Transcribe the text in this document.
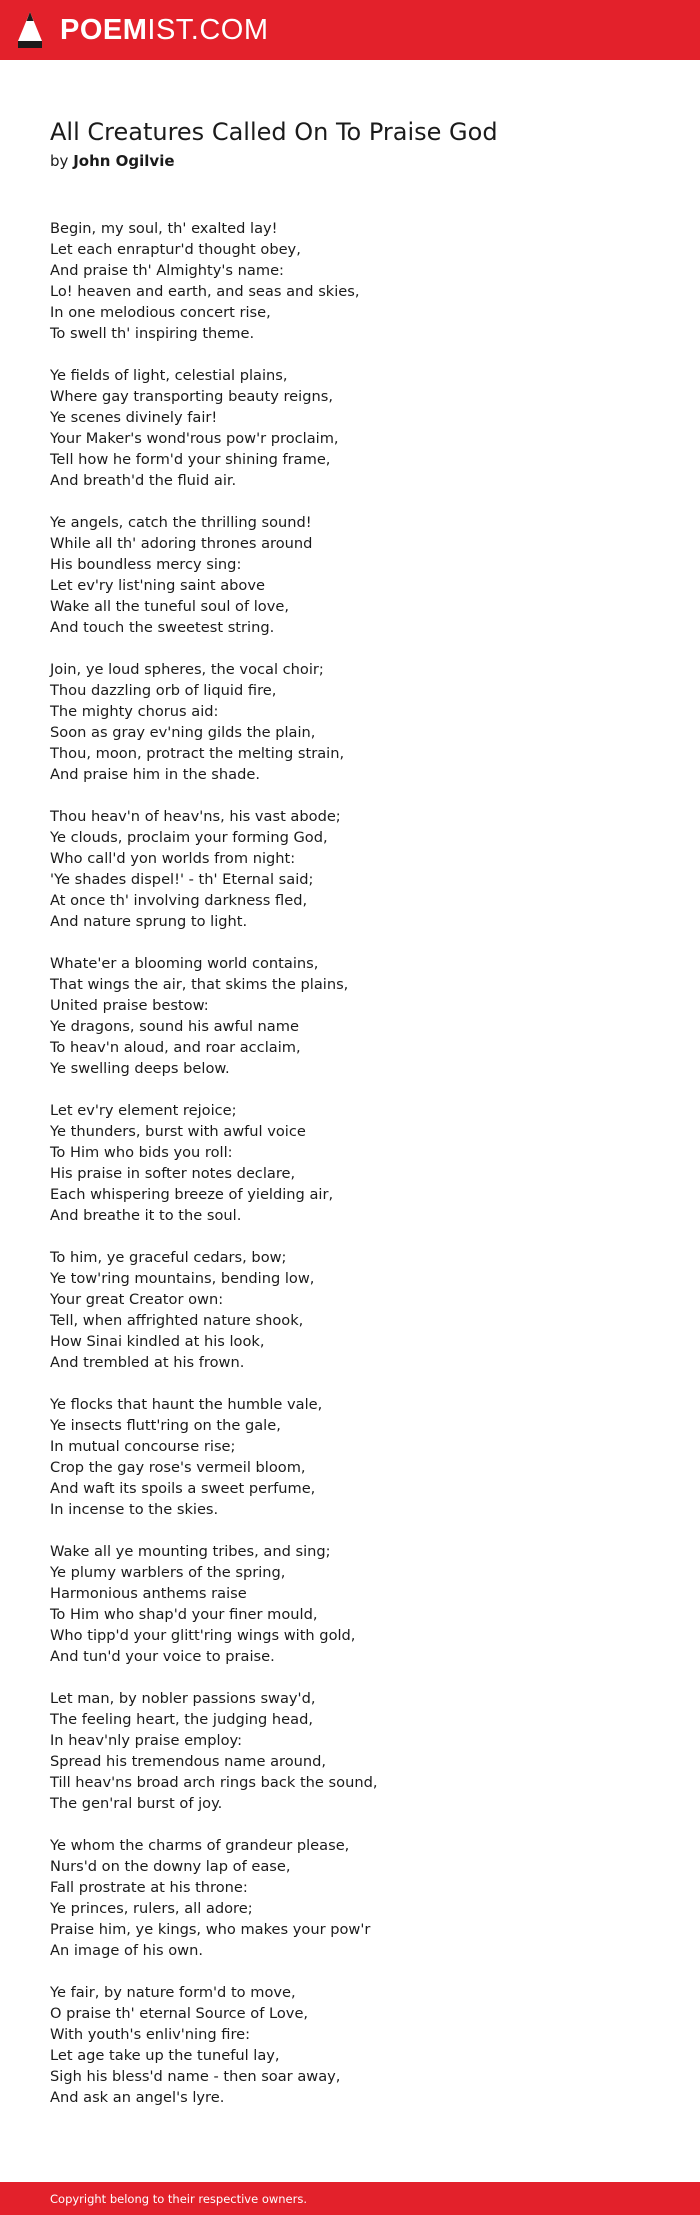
POEMIST.COM
All Creatures Called On To Praise God
by John Ogilvie
Begin, my soul, th' exalted lay!
Let each enraptur'd thought obey,
And praise th' Almighty's name:
Lo! heaven and earth, and seas and skies,
In one melodious concert rise,
To swell th' inspiring theme.
Ye fields of light, celestial plains,
Where gay transporting beauty reigns,
Ye scenes divinely fair!
Your Maker's wond'rous pow'r proclaim,
Tell how he form'd your shining frame,
And breath'd the fluid air.
Ye angels, catch the thrilling sound!
While all th' adoring thrones around
His boundless mercy sing:
Let ev'ry list'ning saint above
Wake all the tuneful soul of love,
And touch the sweetest string.
Join, ye loud spheres, the vocal choir;
Thou dazzling orb of liquid fire,
The mighty chorus aid:
Soon as gray ev'ning gilds the plain,
Thou, moon, protract the melting strain,
And praise him in the shade.
Thou heav'n of heav'ns, his vast abode;
Ye clouds, proclaim your forming God,
Who call'd yon worlds from night:
'Ye shades dispel!' - th' Eternal said;
At once th' involving darkness fled,
And nature sprung to light.
Whate'er a blooming world contains,
That wings the air, that skims the plains,
United praise bestow:
Ye dragons, sound his awful name
To heav'n aloud, and roar acclaim,
Ye swelling deeps below.
Let ev'ry element rejoice;
Ye thunders, burst with awful voice
To Him who bids you roll:
His praise in softer notes declare,
Each whispering breeze of yielding air,
And breathe it to the soul.
To him, ye graceful cedars, bow;
Ye tow'ring mountains, bending low,
Your great Creator own:
Tell, when affrighted nature shook,
How Sinai kindled at his look,
And trembled at his frown.
Ye flocks that haunt the humble vale,
Ye insects flutt'ring on the gale,
In mutual concourse rise;
Crop the gay rose's vermeil bloom,
And waft its spoils a sweet perfume,
In incense to the skies.
Wake all ye mounting tribes, and sing;
Ye plumy warblers of the spring,
Harmonious anthems raise
To Him who shap'd your finer mould,
Who tipp'd your glitt'ring wings with gold,
And tun'd your voice to praise.
Let man, by nobler passions sway'd,
The feeling heart, the judging head,
In heav'nly praise employ:
Spread his tremendous name around,
Till heav'ns broad arch rings back the sound,
The gen'ral burst of joy.
Ye whom the charms of grandeur please,
Nurs'd on the downy lap of ease,
Fall prostrate at his throne:
Ye princes, rulers, all adore;
Praise him, ye kings, who makes your pow'r
An image of his own.
Ye fair, by nature form'd to move,
O praise th' eternal Source of Love,
With youth's enliv'ning fire:
Let age take up the tuneful lay,
Sigh his bless'd name - then soar away,
And ask an angel's lyre.
Copyright belong to their respective owners.
